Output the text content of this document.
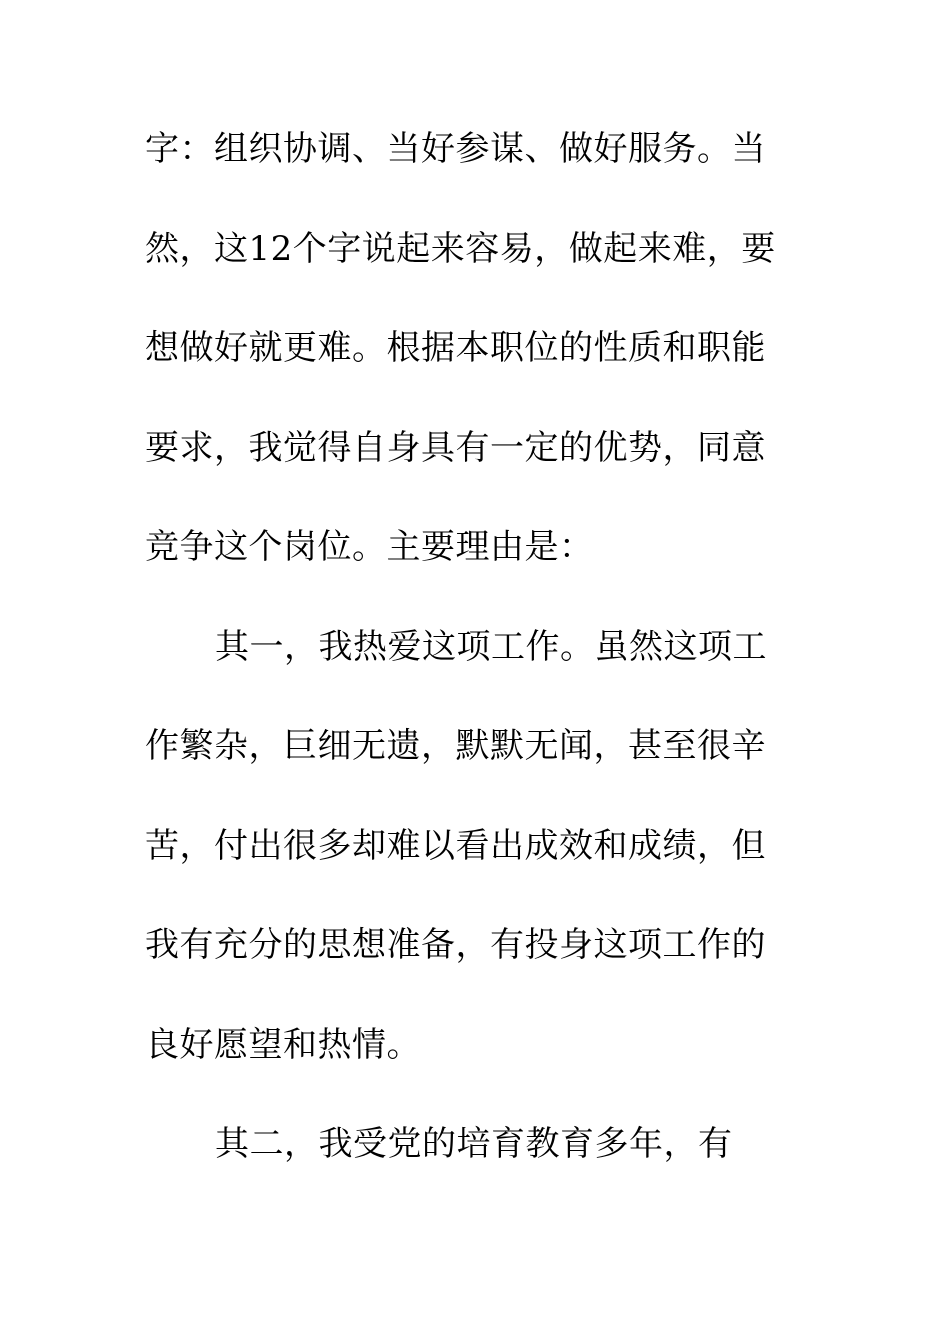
字：组织协调、当好参谋、做好服务。当
然，这12个字说起来容易，做起来难，要
想做好就更难。根据本职位的性质和职能
要求，我觉得自身具有一定的优势，同意
竞争这个岗位。主要理由是：
其一，我热爱这项工作。虽然这项工
作繁杂，巨细无遗，默默无闻，甚至很辛
苦，付出很多却难以看出成效和成绩，但
我有充分的思想准备，有投身这项工作的
良好愿望和热情。
其二，我受党的培育教育多年，有
